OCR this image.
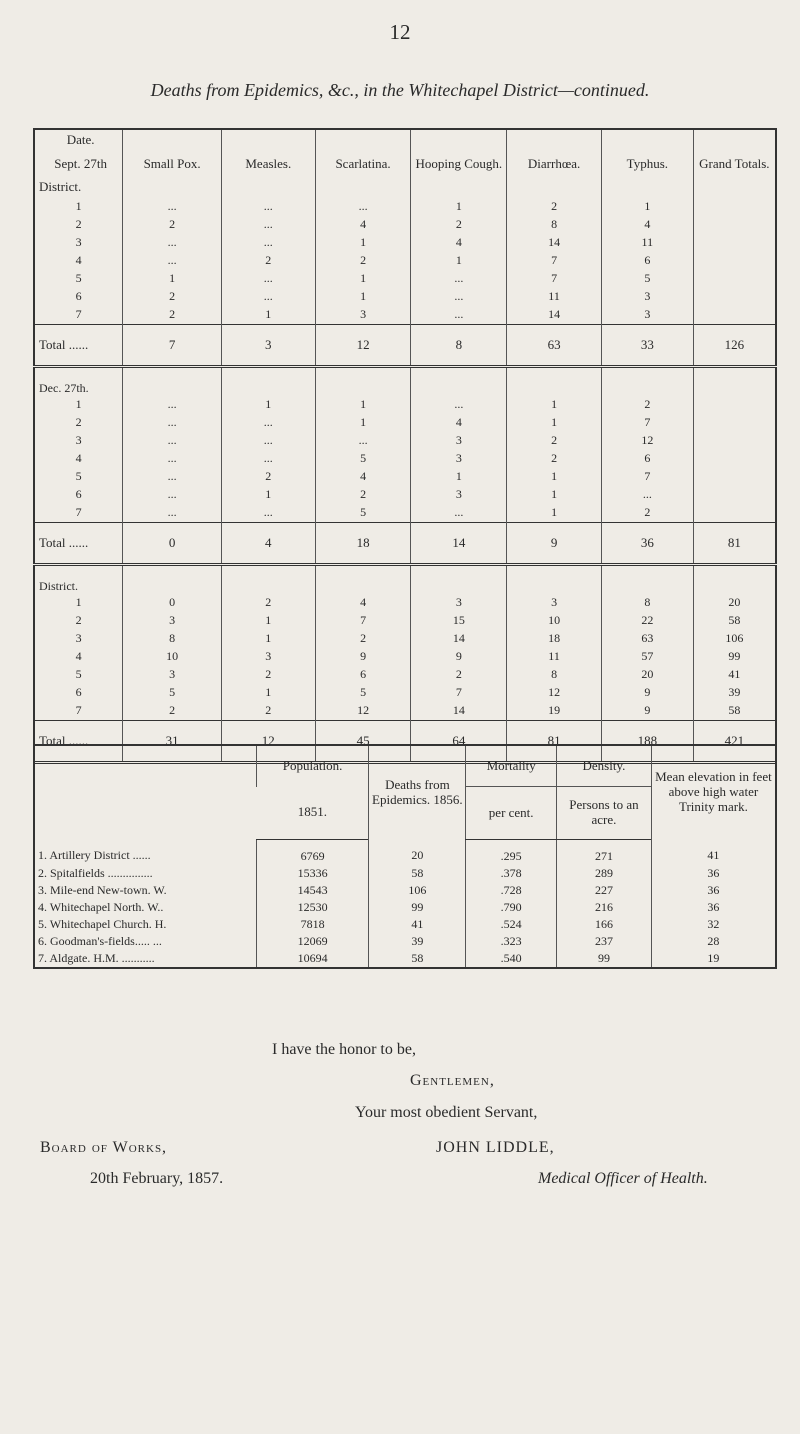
12
Deaths from Epidemics, &c., in the Whitechapel District—continued.
Date.
Sept. 27th
District.	Small Pox.	Measles.	Scarlatina.	Hooping Cough.	Diarrhœa.	Typhus.	Grand Totals.
1	...	...	...	1	2	1	
2	2	...	4	2	8	4	
3	...	...	1	4	14	11	
4	...	2	2	1	7	6	
5	1	...	1	...	7	5	
6	2	...	1	...	11	3	
7	2	1	3	...	14	3	
Total ......	7	3	12	8	63	33	126
Dec. 27th.							
1	...	1	1	...	1	2	
2	...	...	1	4	1	7	
3	...	...	...	3	2	12	
4	...	...	5	3	2	6	
5	...	2	4	1	1	7	
6	...	1	2	3	1	...	
7	...	...	5	...	1	2	
Total ......	0	4	18	14	9	36	81
District.							
1	0	2	4	3	3	8	20
2	3	1	7	15	10	22	58
3	8	1	2	14	18	63	106
4	10	3	9	9	11	57	99
5	3	2	6	2	8	20	41
6	5	1	5	7	12	9	39
7	2	2	12	14	19	9	58
Total ......	31	12	45	64	81	188	421
	Population.	Deaths from Epidemics. 1856.	Mortality	Density.	Mean elevation in feet above high water Trinity mark.
	1851.		per cent.	Persons to an acre.	
1. Artillery District ......	6769	20	.295	271	41
2. Spitalfields ...............	15336	58	.378	289	36
3. Mile-end New-town. W.	14543	106	.728	227	36
4. Whitechapel North. W..	12530	99	.790	216	36
5. Whitechapel Church. H.	7818	41	.524	166	32
6. Goodman's-fields..... ...	12069	39	.323	237	28
7. Aldgate. H.M. ...........	10694	58	.540	99	19
I have the honor to be,
Gentlemen,
Your most obedient Servant,
Board of Works,
20th February, 1857.
JOHN LIDDLE,
Medical Officer of Health.
